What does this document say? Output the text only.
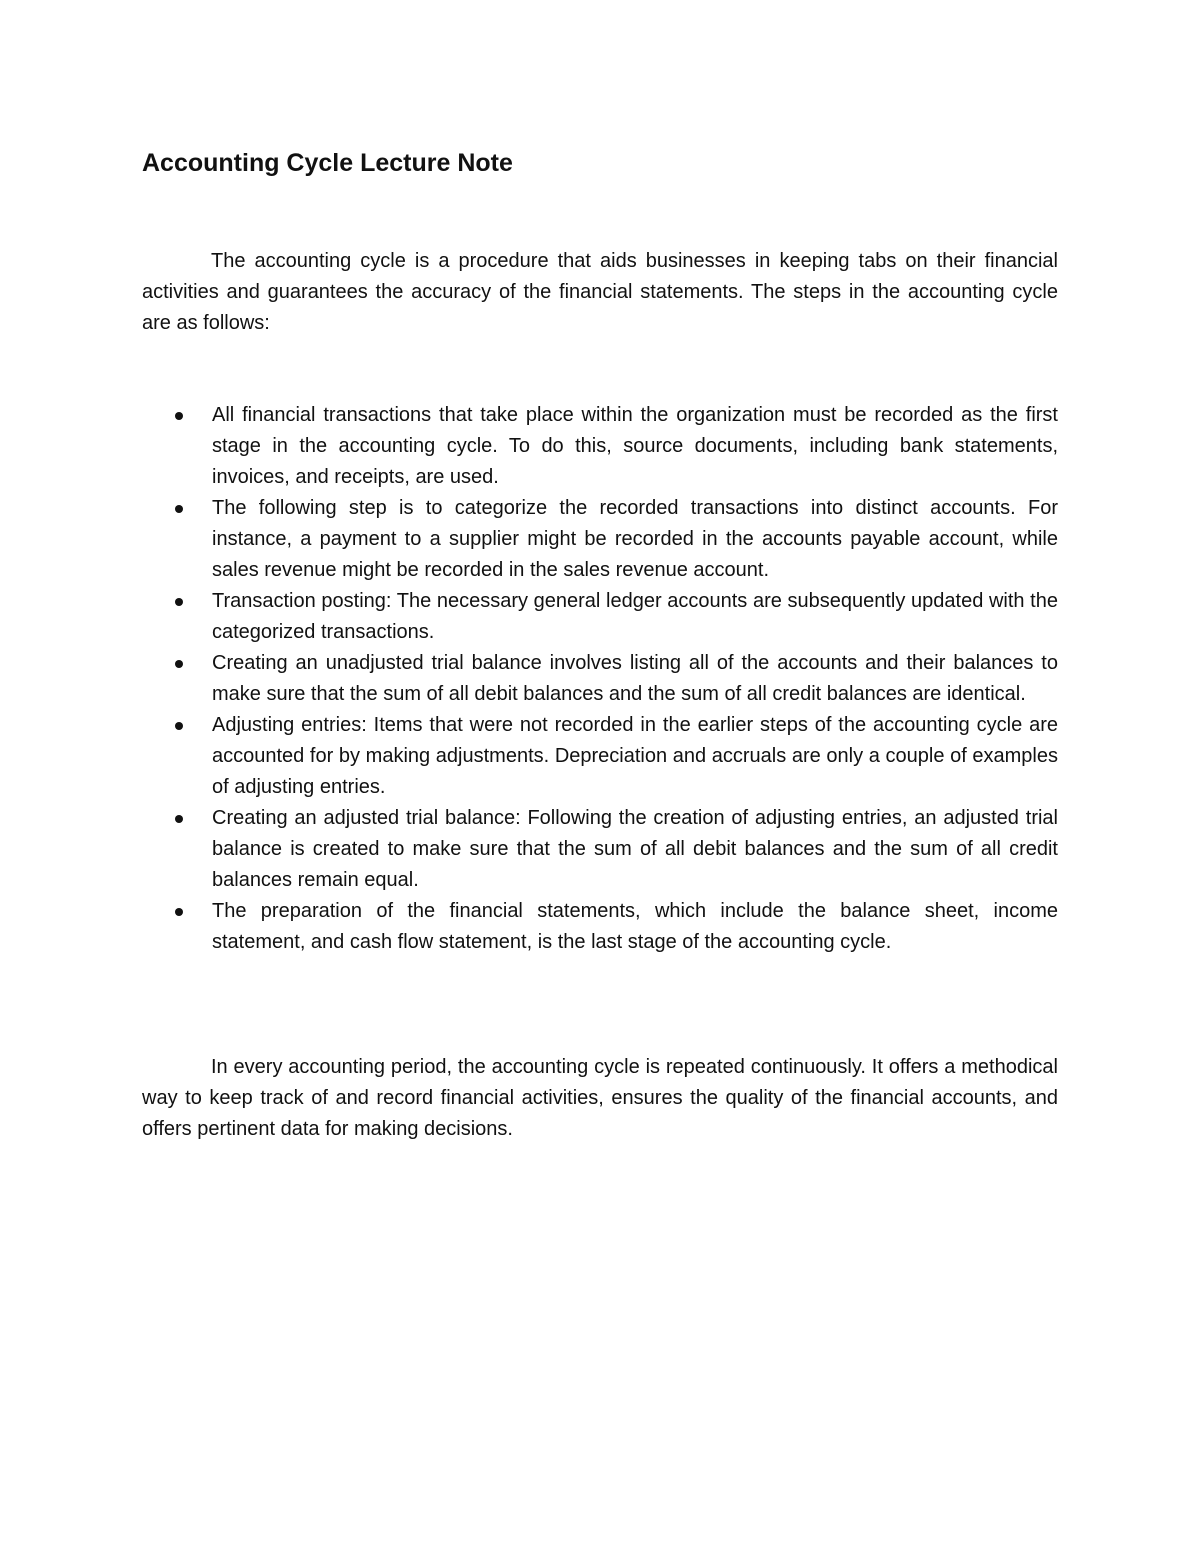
Accounting Cycle Lecture Note

The accounting cycle is a procedure that aids businesses in keeping tabs on their financial activities and guarantees the accuracy of the financial statements. The steps in the accounting cycle are as follows:

All financial transactions that take place within the organization must be recorded as the first stage in the accounting cycle. To do this, source documents, including bank statements, invoices, and receipts, are used.
The following step is to categorize the recorded transactions into distinct accounts. For instance, a payment to a supplier might be recorded in the accounts payable account, while sales revenue might be recorded in the sales revenue account.
Transaction posting: The necessary general ledger accounts are subsequently updated with the categorized transactions.
Creating an unadjusted trial balance involves listing all of the accounts and their balances to make sure that the sum of all debit balances and the sum of all credit balances are identical.
Adjusting entries: Items that were not recorded in the earlier steps of the accounting cycle are accounted for by making adjustments. Depreciation and accruals are only a couple of examples of adjusting entries.
Creating an adjusted trial balance: Following the creation of adjusting entries, an adjusted trial balance is created to make sure that the sum of all debit balances and the sum of all credit balances remain equal.
The preparation of the financial statements, which include the balance sheet, income statement, and cash flow statement, is the last stage of the accounting cycle.

In every accounting period, the accounting cycle is repeated continuously. It offers a methodical way to keep track of and record financial activities, ensures the quality of the financial accounts, and offers pertinent data for making decisions.
